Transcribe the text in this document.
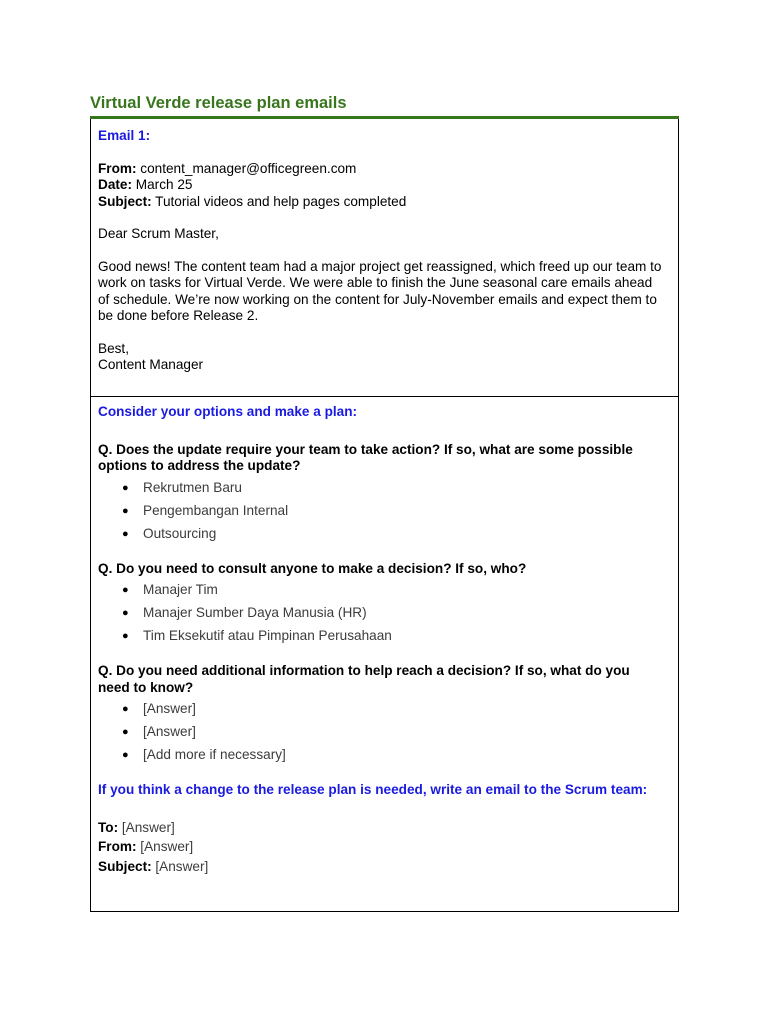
Virtual Verde release plan emails
Email 1:
From: content_manager@officegreen.com
Date: March 25
Subject: Tutorial videos and help pages completed
Dear Scrum Master,
Good news! The content team had a major project get reassigned, which freed up our team to
work on tasks for Virtual Verde. We were able to finish the June seasonal care emails ahead
of schedule. We’re now working on the content for July-November emails and expect them to
be done before Release 2.
Best,
Content Manager
Consider your options and make a plan:
Q. Does the update require your team to take action? If so, what are some possible
options to address the update?
● Rekrutmen Baru
● Pengembangan Internal
● Outsourcing
Q. Do you need to consult anyone to make a decision? If so, who?
● Manajer Tim
● Manajer Sumber Daya Manusia (HR)
● Tim Eksekutif atau Pimpinan Perusahaan
Q. Do you need additional information to help reach a decision? If so, what do you
need to know?
● [Answer]
● [Answer]
● [Add more if necessary]
If you think a change to the release plan is needed, write an email to the Scrum team:
To: [Answer]
From: [Answer]
Subject: [Answer]
